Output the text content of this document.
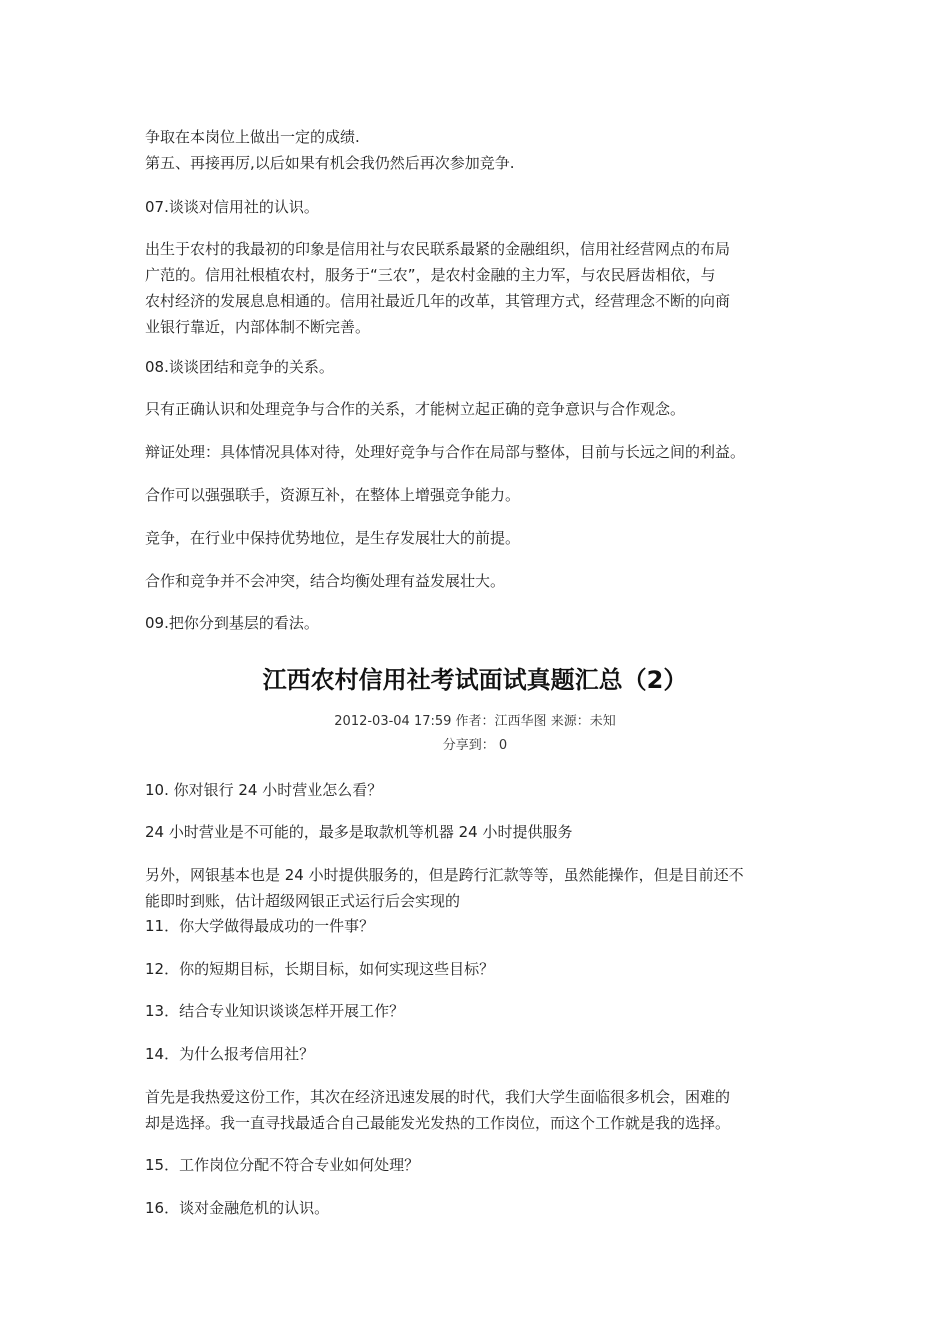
争取在本岗位上做出一定的成绩.
第五、再接再厉,以后如果有机会我仍然后再次参加竞争.
07.谈谈对信用社的认识。
出生于农村的我最初的印象是信用社与农民联系最紧的金融组织，信用社经营网点的布局
广范的。信用社根植农村，服务于“三农”，是农村金融的主力军，与农民唇齿相依，与
农村经济的发展息息相通的。信用社最近几年的改革，其管理方式，经营理念不断的向商
业银行靠近，内部体制不断完善。
08.谈谈团结和竞争的关系。
只有正确认识和处理竞争与合作的关系，才能树立起正确的竞争意识与合作观念。
辩证处理：具体情况具体对待，处理好竞争与合作在局部与整体，目前与长远之间的利益。
合作可以强强联手，资源互补，在整体上增强竞争能力。
竞争，在行业中保持优势地位，是生存发展壮大的前提。
合作和竞争并不会冲突，结合均衡处理有益发展壮大。
09.把你分到基层的看法。
江西农村信用社考试面试真题汇总（2）
2012-03-04 17:59 作者：江西华图 来源：未知
分享到： 0
10. 你对银行 24 小时营业怎么看？
24 小时营业是不可能的，最多是取款机等机器 24 小时提供服务
另外，网银基本也是 24 小时提供服务的，但是跨行汇款等等，虽然能操作，但是目前还不
能即时到账，估计超级网银正式运行后会实现的
11．你大学做得最成功的一件事？
12．你的短期目标，长期目标，如何实现这些目标？
13．结合专业知识谈谈怎样开展工作？
14．为什么报考信用社？
首先是我热爱这份工作，其次在经济迅速发展的时代，我们大学生面临很多机会，困难的
却是选择。我一直寻找最适合自己最能发光发热的工作岗位，而这个工作就是我的选择。
15．工作岗位分配不符合专业如何处理？
16．谈对金融危机的认识。
